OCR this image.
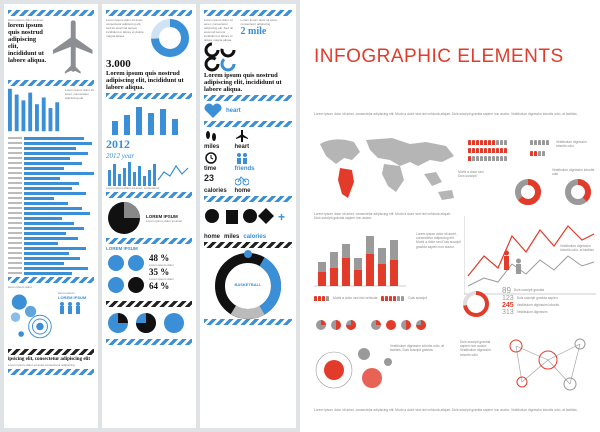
lorem ipsum dolor sit amet
lorem ipsum quis nostrud adipiscing elit, incididunt ut labore aliqua.
Lorem ipsum dolor sit amet, consectetur adipiscing elit.
lorem ipsum dolor
lorem ipsum
LOREM IPSUM
ipsicing elit, consectetur adipiscing elit
Lorem ipsum dolor sit amet consectetur adipiscing
Lorem ipsum dolor sit amet, consectetur adipiscing elit, sed do eiusmod tempor incididunt ut labore et dolore magna aliqua.
3.000
Lorem ipsum quis nostrud adipiscing elit, incididunt ut labore aliqua.
2012
2012 year
Lorem ipsum dolor sit amet, consectetur
LOREM IPSUM
Lorem ipsum dolor sit amet
LOREM IPSUM
48 %
Lorem ipsum dolor
35 %
Lorem ipsum dolor
64 %
Lorem ipsum dolor sit amet, consectetur adipiscing elit. Sed do eiusmod tempor incididunt ut labore et dolore magna aliqua.
Lorem ipsum dolor sit amet, consectetur adipiscing
2 mile
Lorem ipsum quis nostrud adipiscing elit, incididunt ut labore aliqua.
heart
miles	heart
time	friends
23
calories	home
+
home miles calories
BASKETBALL
INFOGRAPHIC ELEMENTS
Lorem ipsum dolor sit amet, consectetur adipiscing elit. Morbi a dolor sed nisl vehicula aliquet. Duis suscipit gravida sapien non auctor. Vestibulum dignissim lobortis odio, at facilisis.
Vestibulum dignissim lobortis odio
Morbi a dolor sed Duis suscipit
Vestibulum dignissim lobortis odio
Lorem ipsum dolor sit amet, consectetur adipiscing elit. Morbi a dolor sed nisl vehicula aliquet. Duis suscipit gravida sapien non auctor.
Lorem ipsum dolor sit amet, consectetur adipiscing elit. Morbi a dolor sed Duis suscipit gravida sapien non auctor.	Vestibulum dignissim lobortis odio, at facilisis
Morbi a dolor sed nisl vehicula	Duis suscipit
89 Duis suscipit gravida
123 Duis suscipit gravida sapien
245 Vestibulum dignissim lobortis
313 Vestibulum dignissim
Vestibulum dignissim lobortis odio, at facilisis, Duis suscipit gravida
Duis suscipit gravida sapien non auctor. Vestibulum dignissim lobortis odio
Lorem ipsum dolor sit amet, consectetur adipiscing elit. Morbi a dolor sed nisl vehicula aliquet. Duis suscipit gravida sapien non auctor. Vestibulum dignissim lobortis odio, at facilisis.
